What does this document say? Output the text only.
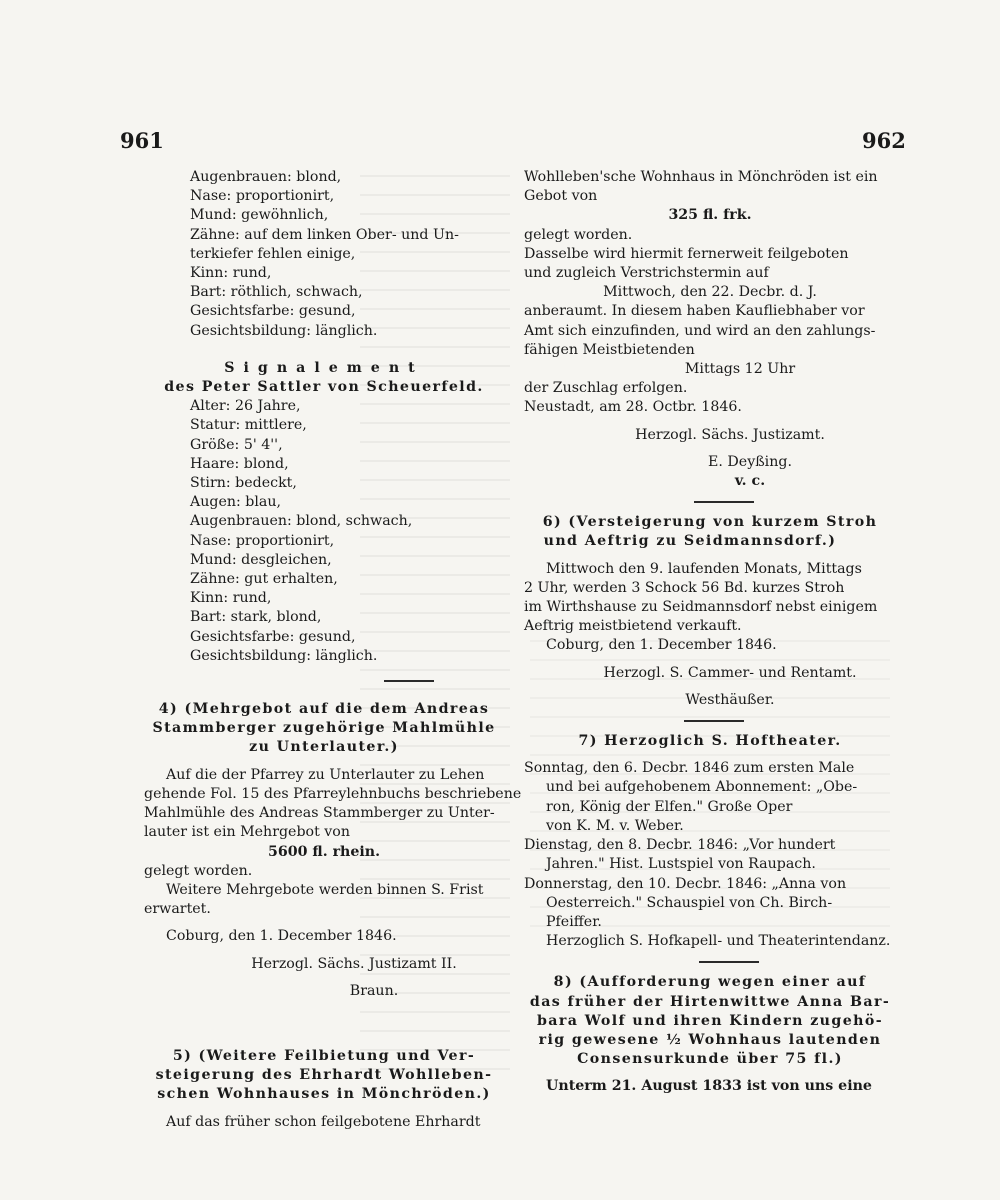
961	962
Augenbrauen: blond,
Nase: proportionirt,
Mund: gewöhnlich,
Zähne: auf dem linken Ober- und Un-
terkiefer fehlen einige,
Kinn: rund,
Bart: röthlich, schwach,
Gesichtsfarbe: gesund,
Gesichtsbildung: länglich.
Signalement
des Peter Sattler von Scheuerfeld.
Alter: 26 Jahre,
Statur: mittlere,
Größe: 5' 4'',
Haare: blond,
Stirn: bedeckt,
Augen: blau,
Augenbrauen: blond, schwach,
Nase: proportionirt,
Mund: desgleichen,
Zähne: gut erhalten,
Kinn: rund,
Bart: stark, blond,
Gesichtsfarbe: gesund,
Gesichtsbildung: länglich.
4) (Mehrgebot auf die dem Andreas
Stammberger zugehörige Mahlmühle
zu Unterlauter.)
Auf die der Pfarrey zu Unterlauter zu Lehen
gehende Fol. 15 des Pfarreylehnbuchs beschriebene
Mahlmühle des Andreas Stammberger zu Unter-
lauter ist ein Mehrgebot von
5600 fl. rhein.
gelegt worden.
Weitere Mehrgebote werden binnen S. Frist
erwartet.
Coburg, den 1. December 1846.
Herzogl. Sächs. Justizamt II.
Braun.
5) (Weitere Feilbietung und Ver-
steigerung des Ehrhardt Wohlleben-
schen Wohnhauses in Mönchröden.)
Auf das früher schon feilgebotene Ehrhardt
Wohlleben'sche Wohnhaus in Mönchröden ist ein
Gebot von
325 fl. frk.
gelegt worden.
Dasselbe wird hiermit fernerweit feilgeboten
und zugleich Verstrichstermin auf
Mittwoch, den 22. Decbr. d. J.
anberaumt. In diesem haben Kaufliebhaber vor
Amt sich einzufinden, und wird an den zahlungs-
fähigen Meistbietenden
Mittags 12 Uhr
der Zuschlag erfolgen.
Neustadt, am 28. Octbr. 1846.
Herzogl. Sächs. Justizamt.
E. Deyßing.
v. c.
6) (Versteigerung von kurzem Stroh
und Aeftrig zu Seidmannsdorf.)
Mittwoch den 9. laufenden Monats, Mittags
2 Uhr, werden 3 Schock 56 Bd. kurzes Stroh
im Wirthshause zu Seidmannsdorf nebst einigem
Aeftrig meistbietend verkauft.
Coburg, den 1. December 1846.
Herzogl. S. Cammer- und Rentamt.
Westhäußer.
7) Herzoglich S. Hoftheater.
Sonntag, den 6. Decbr. 1846 zum ersten Male
und bei aufgehobenem Abonnement: „Obe-
ron, König der Elfen." Große Oper
von K. M. v. Weber.
Dienstag, den 8. Decbr. 1846: „Vor hundert
Jahren." Hist. Lustspiel von Raupach.
Donnerstag, den 10. Decbr. 1846: „Anna von
Oesterreich." Schauspiel von Ch. Birch-
Pfeiffer.
Herzoglich S. Hofkapell- und Theaterintendanz.
8) (Aufforderung wegen einer auf
das früher der Hirtenwittwe Anna Bar-
bara Wolf und ihren Kindern zugehö-
rig gewesene ½ Wohnhaus lautenden
Consensurkunde über 75 fl.)
Unterm 21. August 1833 ist von uns eine
